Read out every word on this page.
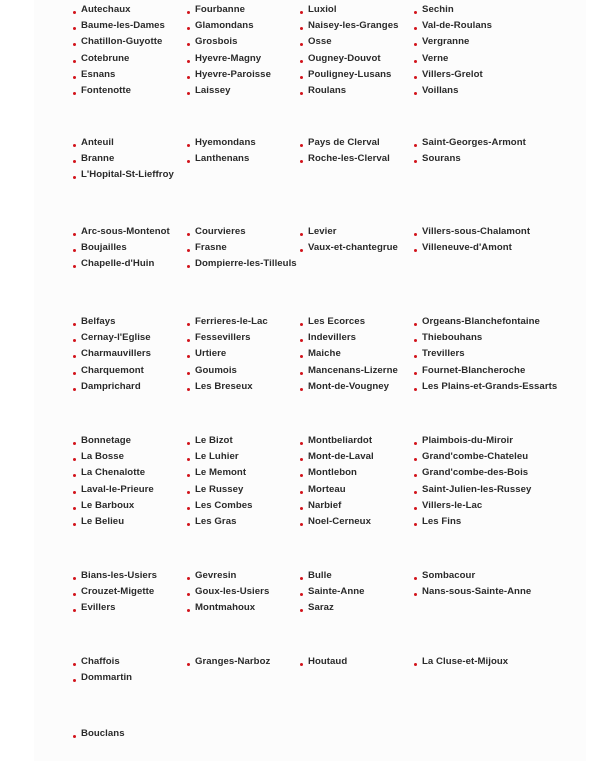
Autechaux
Baume-les-Dames
Chatillon-Guyotte
Cotebrune
Esnans
Fontenotte
Fourbanne
Glamondans
Grosbois
Hyevre-Magny
Hyevre-Paroisse
Laissey
Luxiol
Naisey-les-Granges
Osse
Ougney-Douvot
Pouligney-Lusans
Roulans
Sechin
Val-de-Roulans
Vergranne
Verne
Villers-Grelot
Voillans
Anteuil
Branne
L'Hopital-St-Lieffroy
Hyemondans
Lanthenans
Pays de Clerval
Roche-les-Clerval
Saint-Georges-Armont
Sourans
Arc-sous-Montenot
Boujailles
Chapelle-d'Huin
Courvieres
Frasne
Dompierre-les-Tilleuls
Levier
Vaux-et-chantegrue
Villers-sous-Chalamont
Villeneuve-d'Amont
Belfays
Cernay-l'Eglise
Charmauvillers
Charquemont
Damprichard
Ferrieres-le-Lac
Fessevillers
Urtiere
Goumois
Les Breseux
Les Ecorces
Indevillers
Maiche
Mancenans-Lizerne
Mont-de-Vougney
Orgeans-Blanchefontaine
Thiebouhans
Trevillers
Fournet-Blancheroche
Les Plains-et-Grands-Essarts
Bonnetage
La Bosse
La Chenalotte
Laval-le-Prieure
Le Barboux
Le Belieu
Le Bizot
Le Luhier
Le Memont
Le Russey
Les Combes
Les Gras
Montbeliardot
Mont-de-Laval
Montlebon
Morteau
Narbief
Noel-Cerneux
Plaimbois-du-Miroir
Grand'combe-Chateleu
Grand'combe-des-Bois
Saint-Julien-les-Russey
Villers-le-Lac
Les Fins
Bians-les-Usiers
Crouzet-Migette
Evillers
Gevresin
Goux-les-Usiers
Montmahoux
Bulle
Sainte-Anne
Saraz
Sombacour
Nans-sous-Sainte-Anne
Chaffois
Dommartin
Granges-Narboz	Houtaud	La Cluse-et-Mijoux
Bouclans
